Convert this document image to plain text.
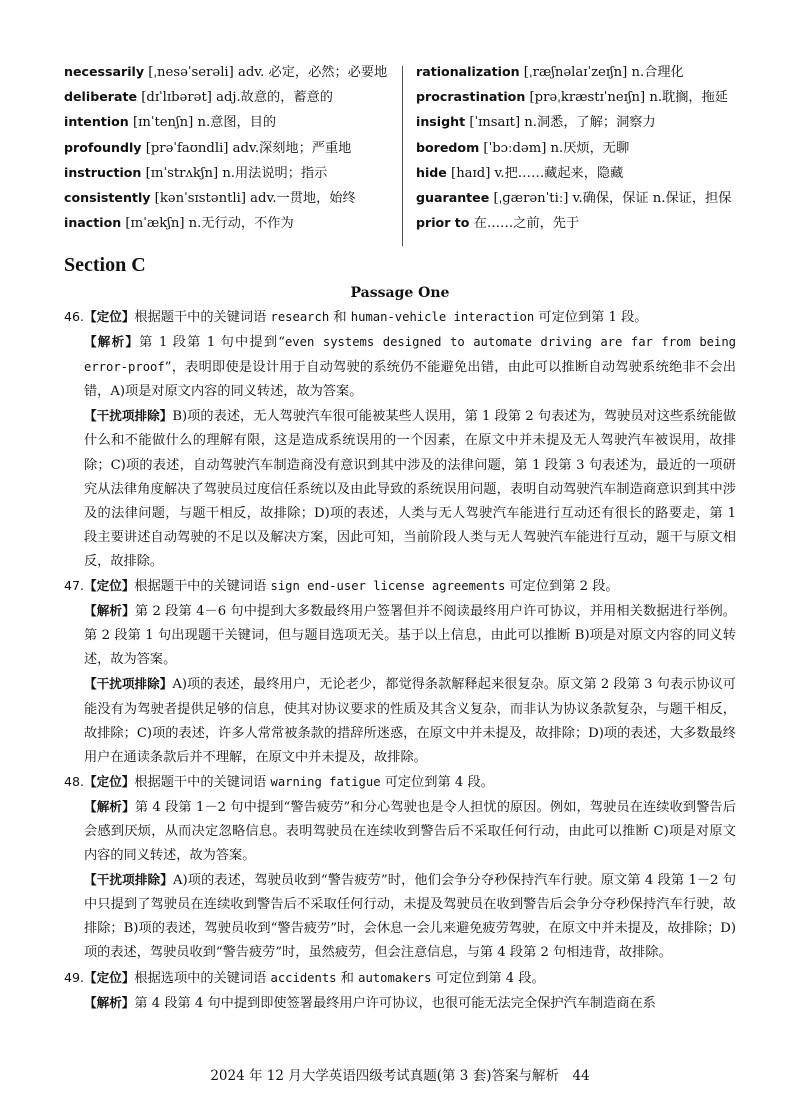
necessarily [ˌnesəˈserəli] adv. 必定，必然；必要地
deliberate [dɪˈlɪbərət] adj.故意的，蓄意的
intention [ɪnˈtenʃn] n.意图，目的
profoundly [prəˈfaʊndli] adv.深刻地；严重地
instruction [ɪnˈstrʌkʃn] n.用法说明；指示
consistently [kənˈsɪstəntli] adv.一贯地，始终
inaction [ɪnˈækʃn] n.无行动，不作为
rationalization [ˌræʃnəlaɪˈzeɪʃn] n.合理化
procrastination [prəˌkræstɪˈneɪʃn] n.耽搁，拖延
insight [ˈɪnsaɪt] n.洞悉，了解；洞察力
boredom [ˈbɔːdəm] n.厌烦，无聊
hide [haɪd] v.把……藏起来，隐藏
guarantee [ˌɡærənˈtiː] v.确保，保证 n.保证，担保
prior to 在……之前，先于
Section C
Passage One
46.【定位】根据题干中的关键词语 research 和 human-vehicle interaction 可定位到第 1 段。
【解析】第 1 段第 1 句中提到“even systems designed to automate driving are far from being error-proof”，表明即使是设计用于自动驾驶的系统仍不能避免出错，由此可以推断自动驾驶系统绝非不会出错，A)项是对原文内容的同义转述，故为答案。
【干扰项排除】B)项的表述，无人驾驶汽车很可能被某些人误用，第 1 段第 2 句表述为，驾驶员对这些系统能做什么和不能做什么的理解有限，这是造成系统误用的一个因素，在原文中并未提及无人驾驶汽车被误用，故排除；C)项的表述，自动驾驶汽车制造商没有意识到其中涉及的法律问题，第 1 段第 3 句表述为，最近的一项研究从法律角度解决了驾驶员过度信任系统以及由此导致的系统误用问题，表明自动驾驶汽车制造商意识到其中涉及的法律问题，与题干相反，故排除；D)项的表述，人类与无人驾驶汽车能进行互动还有很长的路要走，第 1 段主要讲述自动驾驶的不足以及解决方案，因此可知，当前阶段人类与无人驾驶汽车能进行互动，题干与原文相反，故排除。
47.【定位】根据题干中的关键词语 sign end-user license agreements 可定位到第 2 段。
【解析】第 2 段第 4－6 句中提到大多数最终用户签署但并不阅读最终用户许可协议，并用相关数据进行举例。第 2 段第 1 句出现题干关键词，但与题目选项无关。基于以上信息，由此可以推断 B)项是对原文内容的同义转述，故为答案。
【干扰项排除】A)项的表述，最终用户，无论老少，都觉得条款解释起来很复杂。原文第 2 段第 3 句表示协议可能没有为驾驶者提供足够的信息，使其对协议要求的性质及其含义复杂，而非认为协议条款复杂，与题干相反，故排除；C)项的表述，许多人常常被条款的措辞所迷惑，在原文中并未提及，故排除；D)项的表述，大多数最终用户在通读条款后并不理解，在原文中并未提及，故排除。
48.【定位】根据题干中的关键词语 warning fatigue 可定位到第 4 段。
【解析】第 4 段第 1－2 句中提到“警告疲劳”和分心驾驶也是令人担忧的原因。例如，驾驶员在连续收到警告后会感到厌烦，从而决定忽略信息。表明驾驶员在连续收到警告后不采取任何行动，由此可以推断 C)项是对原文内容的同义转述，故为答案。
【干扰项排除】A)项的表述，驾驶员收到“警告疲劳”时，他们会争分夺秒保持汽车行驶。原文第 4 段第 1－2 句中只提到了驾驶员在连续收到警告后不采取任何行动，未提及驾驶员在收到警告后会争分夺秒保持汽车行驶，故排除；B)项的表述，驾驶员收到“警告疲劳”时，会休息一会儿来避免疲劳驾驶，在原文中并未提及，故排除；D)项的表述，驾驶员收到“警告疲劳”时，虽然疲劳，但会注意信息，与第 4 段第 2 句相违背，故排除。
49.【定位】根据选项中的关键词语 accidents 和 automakers 可定位到第 4 段。
【解析】第 4 段第 4 句中提到即使签署最终用户许可协议，也很可能无法完全保护汽车制造商在系
2024 年 12 月大学英语四级考试真题(第 3 套)答案与解析　44
